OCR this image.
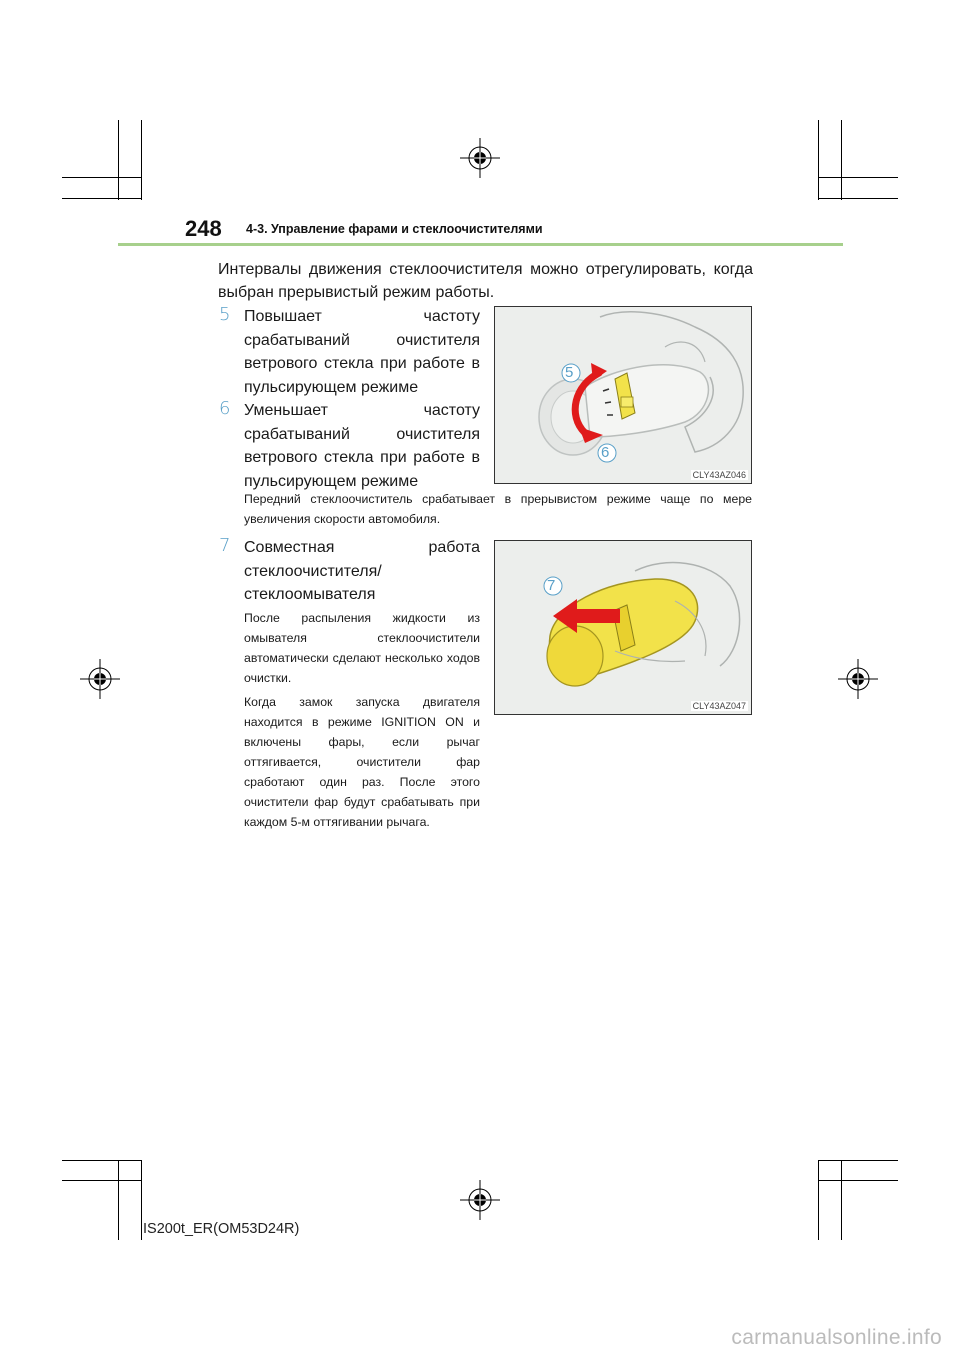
248 4-3. Управление фарами и стеклоочистителями
Интервалы движения стеклоочистителя можно отрегулировать, когда выбран прерывистый режим работы.
5 Повышает частоту срабатываний очистителя ветрового стекла при работе в пульсирующем режиме
6 Уменьшает частоту срабатываний очистителя ветрового стекла при работе в пульсирующем режиме
5
6
CLY43AZ046
Передний стеклоочиститель срабатывает в прерывистом режиме чаще по мере увеличения скорости автомобиля.
7 Совместная работа стеклоочистителя/ стеклоомывателя
7
CLY43AZ047
После распыления жидкости из омывателя стеклоочистители автоматически сделают несколько ходов очистки.
Когда замок запуска двигателя находится в режиме IGNITION ON и включены фары, если рычаг оттягивается, очистители фар сработают один раз. После этого очистители фар будут срабатывать при каждом 5-м оттягивании рычага.
IS200t_ER(OM53D24R)
carmanualsonline.info
